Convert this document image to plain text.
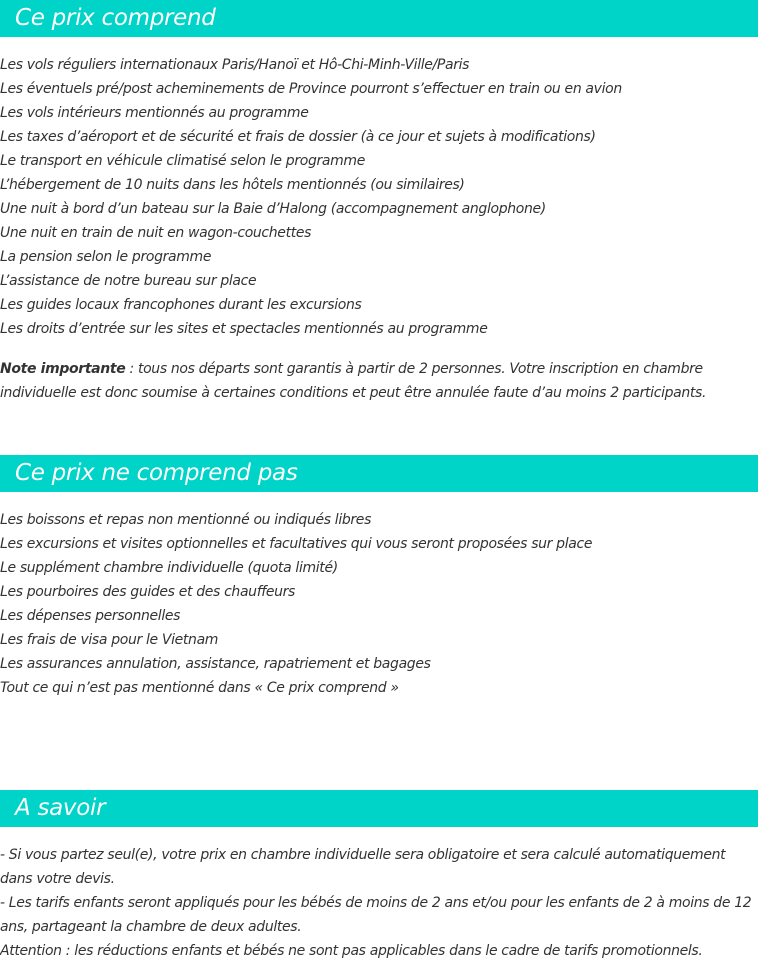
Ce prix comprend
Les vols réguliers internationaux Paris/Hanoï et Hô-Chi-Minh-Ville/Paris
Les éventuels pré/post acheminements de Province pourront s’effectuer en train ou en avion
Les vols intérieurs mentionnés au programme
Les taxes d’aéroport et de sécurité et frais de dossier (à ce jour et sujets à modifications)
Le transport en véhicule climatisé selon le programme
L’hébergement de 10 nuits dans les hôtels mentionnés (ou similaires)
Une nuit à bord d’un bateau sur la Baie d’Halong (accompagnement anglophone)
Une nuit en train de nuit en wagon-couchettes
La pension selon le programme
L’assistance de notre bureau sur place
Les guides locaux francophones durant les excursions
Les droits d’entrée sur les sites et spectacles mentionnés au programme

Note importante : tous nos départs sont garantis à partir de 2 personnes. Votre inscription en chambre individuelle est donc soumise à certaines conditions et peut être annulée faute d’au moins 2 participants.

Ce prix ne comprend pas
Les boissons et repas non mentionné ou indiqués libres
Les excursions et visites optionnelles et facultatives qui vous seront proposées sur place
Le supplément chambre individuelle (quota limité)
Les pourboires des guides et des chauffeurs
Les dépenses personnelles
Les frais de visa pour le Vietnam
Les assurances annulation, assistance, rapatriement et bagages
Tout ce qui n’est pas mentionné dans « Ce prix comprend »
A savoir

- Si vous partez seul(e), votre prix en chambre individuelle sera obligatoire et sera calculé automatiquement dans votre devis.

- Les tarifs enfants seront appliqués pour les bébés de moins de 2 ans et/ou pour les enfants de 2 à moins de 12 ans, partageant la chambre de deux adultes.

Attention : les réductions enfants et bébés ne sont pas applicables dans le cadre de tarifs promotionnels.
